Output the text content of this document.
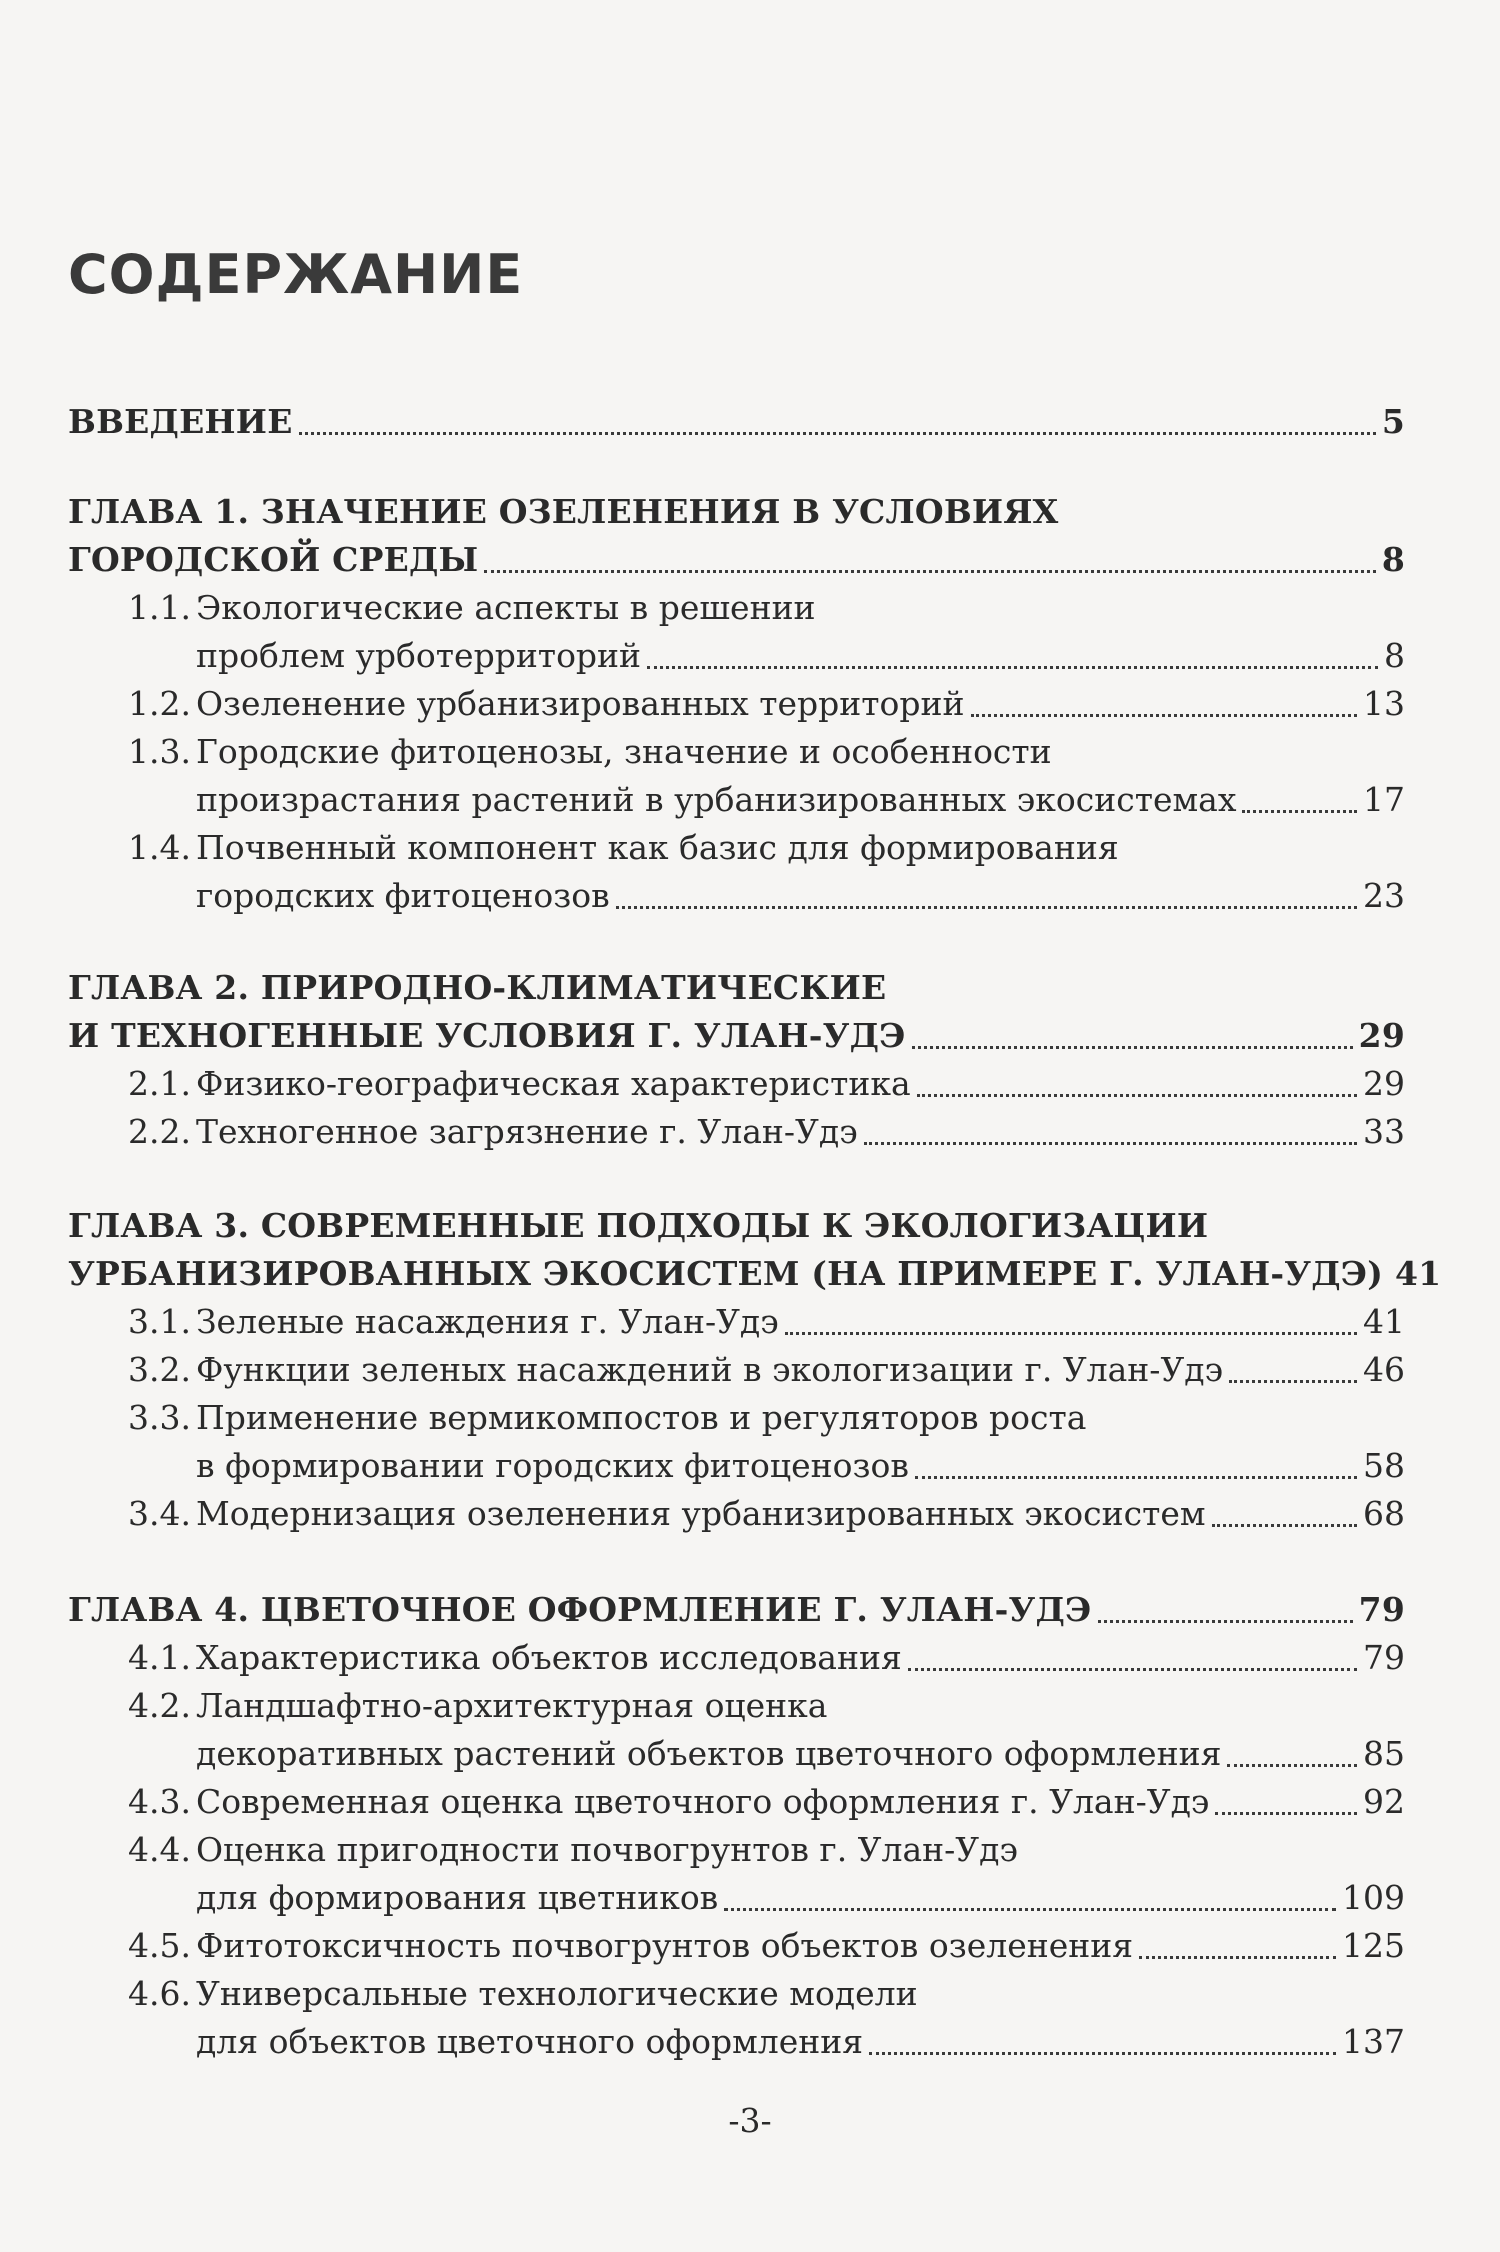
СОДЕРЖАНИЕ
ВВЕДЕНИЕ	5
ГЛАВА 1. ЗНАЧЕНИЕ ОЗЕЛЕНЕНИЯ В УСЛОВИЯХ
ГОРОДСКОЙ СРЕДЫ	8
1.1. Экологические аспекты в решении
проблем урботерриторий	8
1.2. Озеленение урбанизированных территорий	13
1.3. Городские фитоценозы, значение и особенности
произрастания растений в урбанизированных экосистемах	17
1.4. Почвенный компонент как базис для формирования
городских фитоценозов	23
ГЛАВА 2. ПРИРОДНО-КЛИМАТИЧЕСКИЕ
И ТЕХНОГЕННЫЕ УСЛОВИЯ Г. УЛАН-УДЭ	29
2.1. Физико-географическая характеристика	29
2.2. Техногенное загрязнение г. Улан-Удэ	33
ГЛАВА 3. СОВРЕМЕННЫЕ ПОДХОДЫ К ЭКОЛОГИЗАЦИИ
УРБАНИЗИРОВАННЫХ ЭКОСИСТЕМ (НА ПРИМЕРЕ Г. УЛАН-УДЭ) 41
3.1. Зеленые насаждения г. Улан-Удэ	41
3.2. Функции зеленых насаждений в экологизации г. Улан-Удэ	46
3.3. Применение вермикомпостов и регуляторов роста
в формировании городских фитоценозов	58
3.4. Модернизация озеленения урбанизированных экосистем	68
ГЛАВА 4. ЦВЕТОЧНОЕ ОФОРМЛЕНИЕ Г. УЛАН-УДЭ	79
4.1. Характеристика объектов исследования	79
4.2. Ландшафтно-архитектурная оценка
декоративных растений объектов цветочного оформления	85
4.3. Современная оценка цветочного оформления г. Улан-Удэ	92
4.4. Оценка пригодности почвогрунтов г. Улан-Удэ
для формирования цветников	109
4.5. Фитотоксичность почвогрунтов объектов озеленения	125
4.6. Универсальные технологические модели
для объектов цветочного оформления	137

-3-
